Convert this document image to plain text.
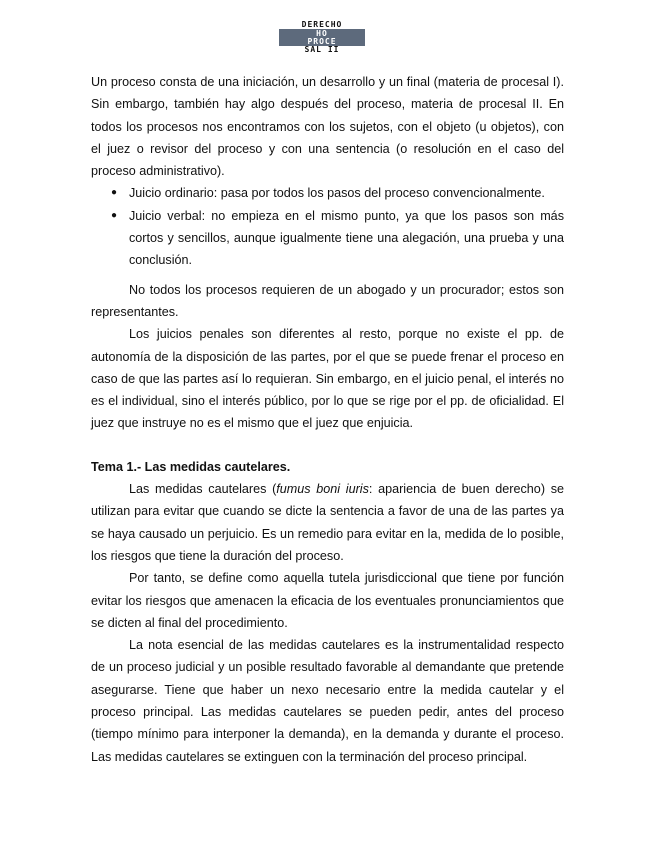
DERECHO
HO
PROCE
SAL II

Un proceso consta de una iniciación, un desarrollo y un final (materia de procesal I). Sin embargo, también hay algo después del proceso, materia de procesal II. En todos los procesos nos encontramos con los sujetos, con el objeto (u objetos), con el juez o revisor del proceso y con una sentencia (o resolución en el caso del proceso administrativo).

● Juicio ordinario: pasa por todos los pasos del proceso convencionalmente.
● Juicio verbal: no empieza en el mismo punto, ya que los pasos son más cortos y sencillos, aunque igualmente tiene una alegación, una prueba y una conclusión.

No todos los procesos requieren de un abogado y un procurador; estos son representantes.

Los juicios penales son diferentes al resto, porque no existe el pp. de autonomía de la disposición de las partes, por el que se puede frenar el proceso en caso de que las partes así lo requieran. Sin embargo, en el juicio penal, el interés no es el individual, sino el interés público, por lo que se rige por el pp. de oficialidad. El juez que instruye no es el mismo que el juez que enjuicia.

Tema 1.- Las medidas cautelares.

Las medidas cautelares (fumus boni iuris: apariencia de buen derecho) se utilizan para evitar que cuando se dicte la sentencia a favor de una de las partes ya se haya causado un perjuicio. Es un remedio para evitar en la, medida de lo posible, los riesgos que tiene la duración del proceso.

Por tanto, se define como aquella tutela jurisdiccional que tiene por función evitar los riesgos que amenacen la eficacia de los eventuales pronunciamientos que se dicten al final del procedimiento.

La nota esencial de las medidas cautelares es la instrumentalidad respecto de un proceso judicial y un posible resultado favorable al demandante que pretende asegurarse. Tiene que haber un nexo necesario entre la medida cautelar y el proceso principal. Las medidas cautelares se pueden pedir, antes del proceso (tiempo mínimo para interponer la demanda), en la demanda y durante el proceso. Las medidas cautelares se extinguen con la terminación del proceso principal.
